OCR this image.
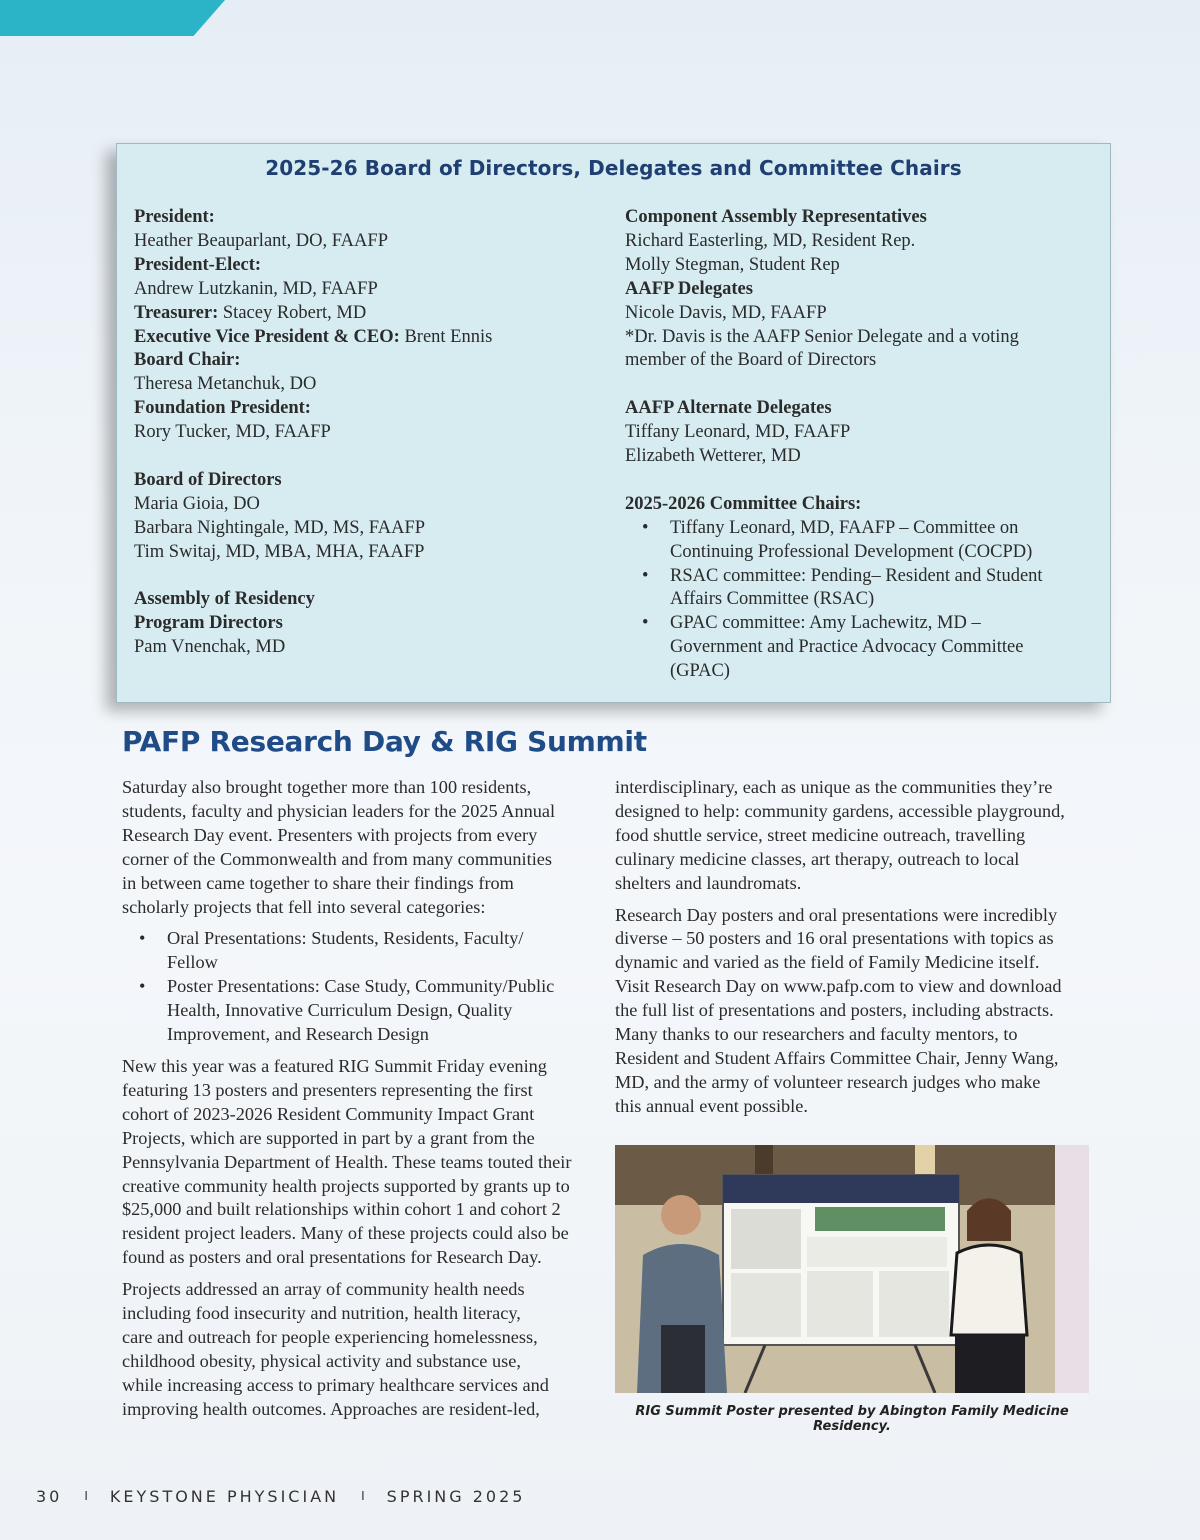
2025-26 Board of Directors, Delegates and Committee Chairs
President:
Heather Beauparlant, DO, FAAFP
President-Elect:
Andrew Lutzkanin, MD, FAAFP
Treasurer: Stacey Robert, MD
Executive Vice President & CEO: Brent Ennis
Board Chair:
Theresa Metanchuk, DO
Foundation President:
Rory Tucker, MD, FAAFP
Board of Directors
Maria Gioia, DO
Barbara Nightingale, MD, MS, FAAFP
Tim Switaj, MD, MBA, MHA, FAAFP
Assembly of Residency
Program Directors
Pam Vnenchak, MD
Component Assembly Representatives
Richard Easterling, MD, Resident Rep.
Molly Stegman, Student Rep
AAFP Delegates
Nicole Davis, MD, FAAFP
*Dr. Davis is the AAFP Senior Delegate and a voting
member of the Board of Directors
AAFP Alternate Delegates
Tiffany Leonard, MD, FAAFP
Elizabeth Wetterer, MD
2025-2026 Committee Chairs:
• Tiffany Leonard, MD, FAAFP – Committee on
Continuing Professional Development (COCPD)
• RSAC committee: Pending– Resident and Student
Affairs Committee (RSAC)
• GPAC committee: Amy Lachewitz, MD –
Government and Practice Advocacy Committee
(GPAC)
PAFP Research Day & RIG Summit

Saturday also brought together more than 100 residents,
students, faculty and physician leaders for the 2025 Annual
Research Day event. Presenters with projects from every
corner of the Commonwealth and from many communities
in between came together to share their findings from
scholarly projects that fell into several categories:

• Oral Presentations: Students, Residents, Faculty/
Fellow
• Poster Presentations: Case Study, Community/Public
Health, Innovative Curriculum Design, Quality
Improvement, and Research Design

New this year was a featured RIG Summit Friday evening
featuring 13 posters and presenters representing the first
cohort of 2023-2026 Resident Community Impact Grant
Projects, which are supported in part by a grant from the
Pennsylvania Department of Health. These teams touted their
creative community health projects supported by grants up to
$25,000 and built relationships within cohort 1 and cohort 2
resident project leaders. Many of these projects could also be
found as posters and oral presentations for Research Day.

Projects addressed an array of community health needs
including food insecurity and nutrition, health literacy,
care and outreach for people experiencing homelessness,
childhood obesity, physical activity and substance use,
while increasing access to primary healthcare services and
improving health outcomes. Approaches are resident-led,

interdisciplinary, each as unique as the communities they’re
designed to help: community gardens, accessible playground,
food shuttle service, street medicine outreach, travelling
culinary medicine classes, art therapy, outreach to local
shelters and laundromats.

Research Day posters and oral presentations were incredibly
diverse – 50 posters and 16 oral presentations with topics as
dynamic and varied as the field of Family Medicine itself.
Visit Research Day on www.pafp.com to view and download
the full list of presentations and posters, including abstracts.
Many thanks to our researchers and faculty mentors, to
Resident and Student Affairs Committee Chair, Jenny Wang,
MD, and the army of volunteer research judges who make
this annual event possible.

RIG Summit Poster presented by Abington Family Medicine Residency.
30 I KEYSTONE PHYSICIAN I SPRING 2025
